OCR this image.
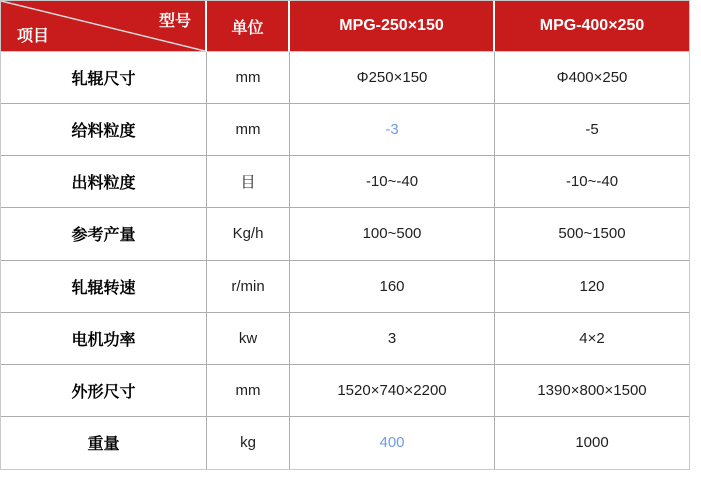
型号
项目	单位	MPG-250×150	MPG-400×250
轧辊尺寸	mm	Φ250×150	Φ400×250
给料粒度	mm	-3	-5
出料粒度	目	-10~-40	-10~-40
参考产量	Kg/h	100~500	500~1500
轧辊转速	r/min	160	120
电机功率	kw	3	4×2
外形尺寸	mm	1520×740×2200	1390×800×1500
重量	kg	400	1000
